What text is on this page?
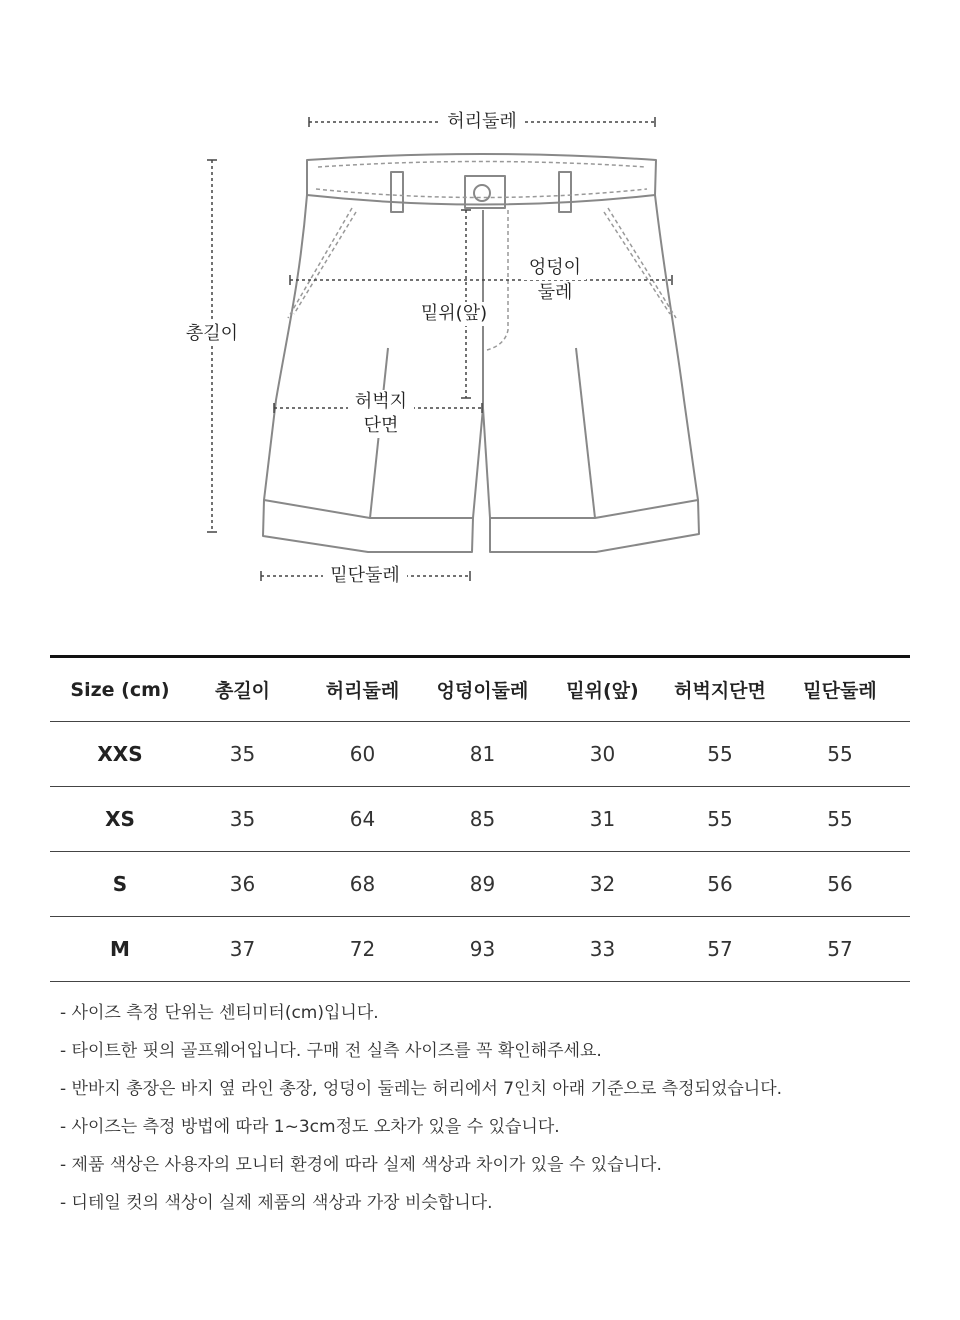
허리둘레
엉덩이
둘레
밑위(앞)
총길이
허벅지
단면
밑단둘레
Size (cm)	총길이	허리둘레	엉덩이둘레	밑위(앞)	허벅지단면	밑단둘레
XXS	35	60	81	30	55	55
XS	35	64	85	31	55	55
S	36	68	89	32	56	56
M	37	72	93	33	57	57
- 사이즈 측정 단위는 센티미터(cm)입니다.
- 타이트한 핏의 골프웨어입니다. 구매 전 실측 사이즈를 꼭 확인해주세요.
- 반바지 총장은 바지 옆 라인 총장, 엉덩이 둘레는 허리에서 7인치 아래 기준으로 측정되었습니다.
- 사이즈는 측정 방법에 따라 1~3cm정도 오차가 있을 수 있습니다.
- 제품 색상은 사용자의 모니터 환경에 따라 실제 색상과 차이가 있을 수 있습니다.
- 디테일 컷의 색상이 실제 제품의 색상과 가장 비슷합니다.
